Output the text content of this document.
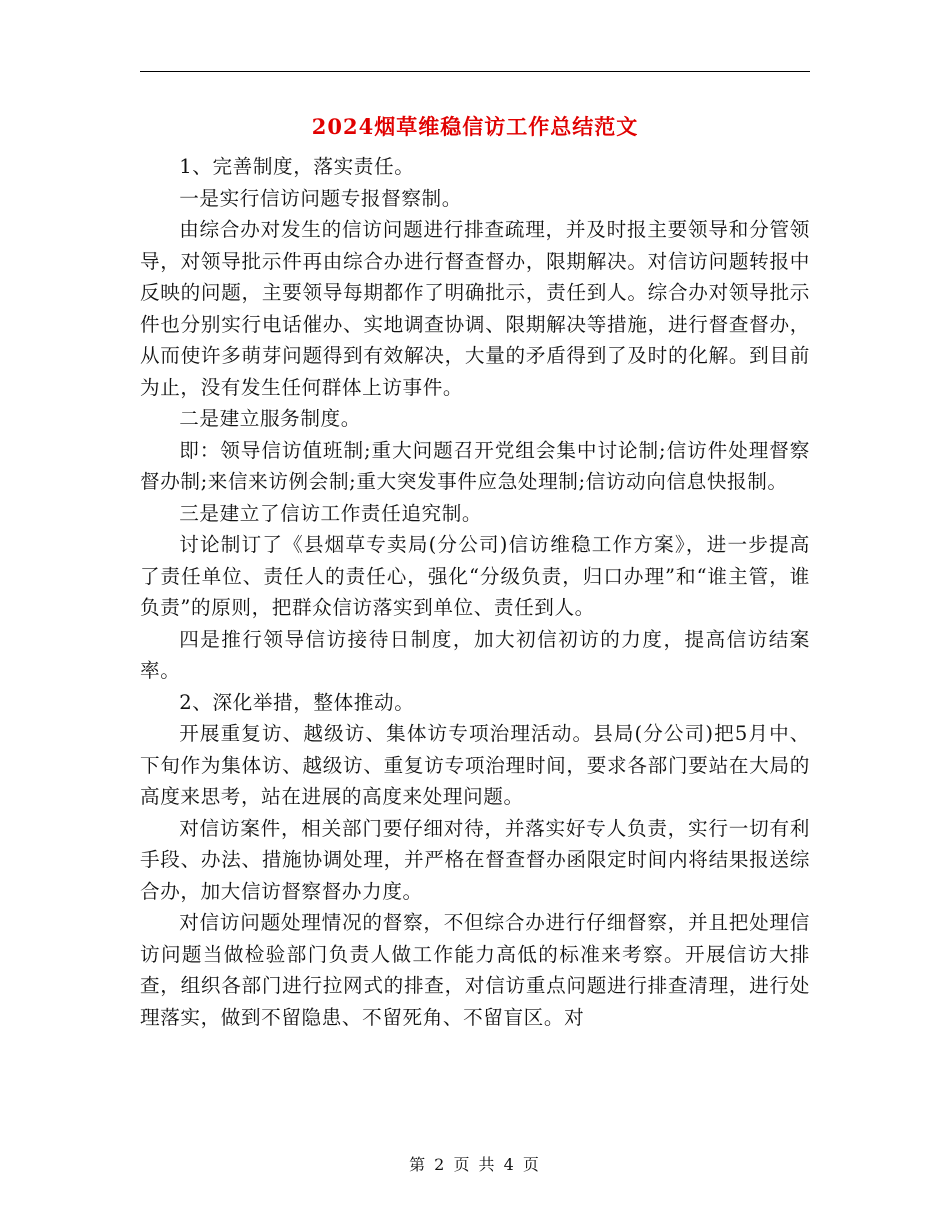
2024烟草维稳信访工作总结范文

1、完善制度，落实责任。

一是实行信访问题专报督察制。

由综合办对发生的信访问题进行排查疏理，并及时报主要领导和分管领导，对领导批示件再由综合办进行督查督办，限期解决。对信访问题转报中反映的问题，主要领导每期都作了明确批示，责任到人。综合办对领导批示件也分别实行电话催办、实地调查协调、限期解决等措施，进行督查督办，从而使许多萌芽问题得到有效解决，大量的矛盾得到了及时的化解。到目前为止，没有发生任何群体上访事件。

二是建立服务制度。

即：领导信访值班制;重大问题召开党组会集中讨论制;信访件处理督察督办制;来信来访例会制;重大突发事件应急处理制;信访动向信息快报制。

三是建立了信访工作责任追究制。

讨论制订了《县烟草专卖局(分公司)信访维稳工作方案》，进一步提高了责任单位、责任人的责任心，强化“分级负责，归口办理”和“谁主管，谁负责”的原则，把群众信访落实到单位、责任到人。

四是推行领导信访接待日制度，加大初信初访的力度，提高信访结案率。

2、深化举措，整体推动。

开展重复访、越级访、集体访专项治理活动。县局(分公司)把5月中、下旬作为集体访、越级访、重复访专项治理时间，要求各部门要站在大局的高度来思考，站在进展的高度来处理问题。

对信访案件，相关部门要仔细对待，并落实好专人负责，实行一切有利手段、办法、措施协调处理，并严格在督查督办函限定时间内将结果报送综合办，加大信访督察督办力度。

对信访问题处理情况的督察，不但综合办进行仔细督察，并且把处理信访问题当做检验部门负责人做工作能力高低的标准来考察。开展信访大排查，组织各部门进行拉网式的排查，对信访重点问题进行排查清理，进行处理落实，做到不留隐患、不留死角、不留盲区。对

第 2 页 共 4 页
